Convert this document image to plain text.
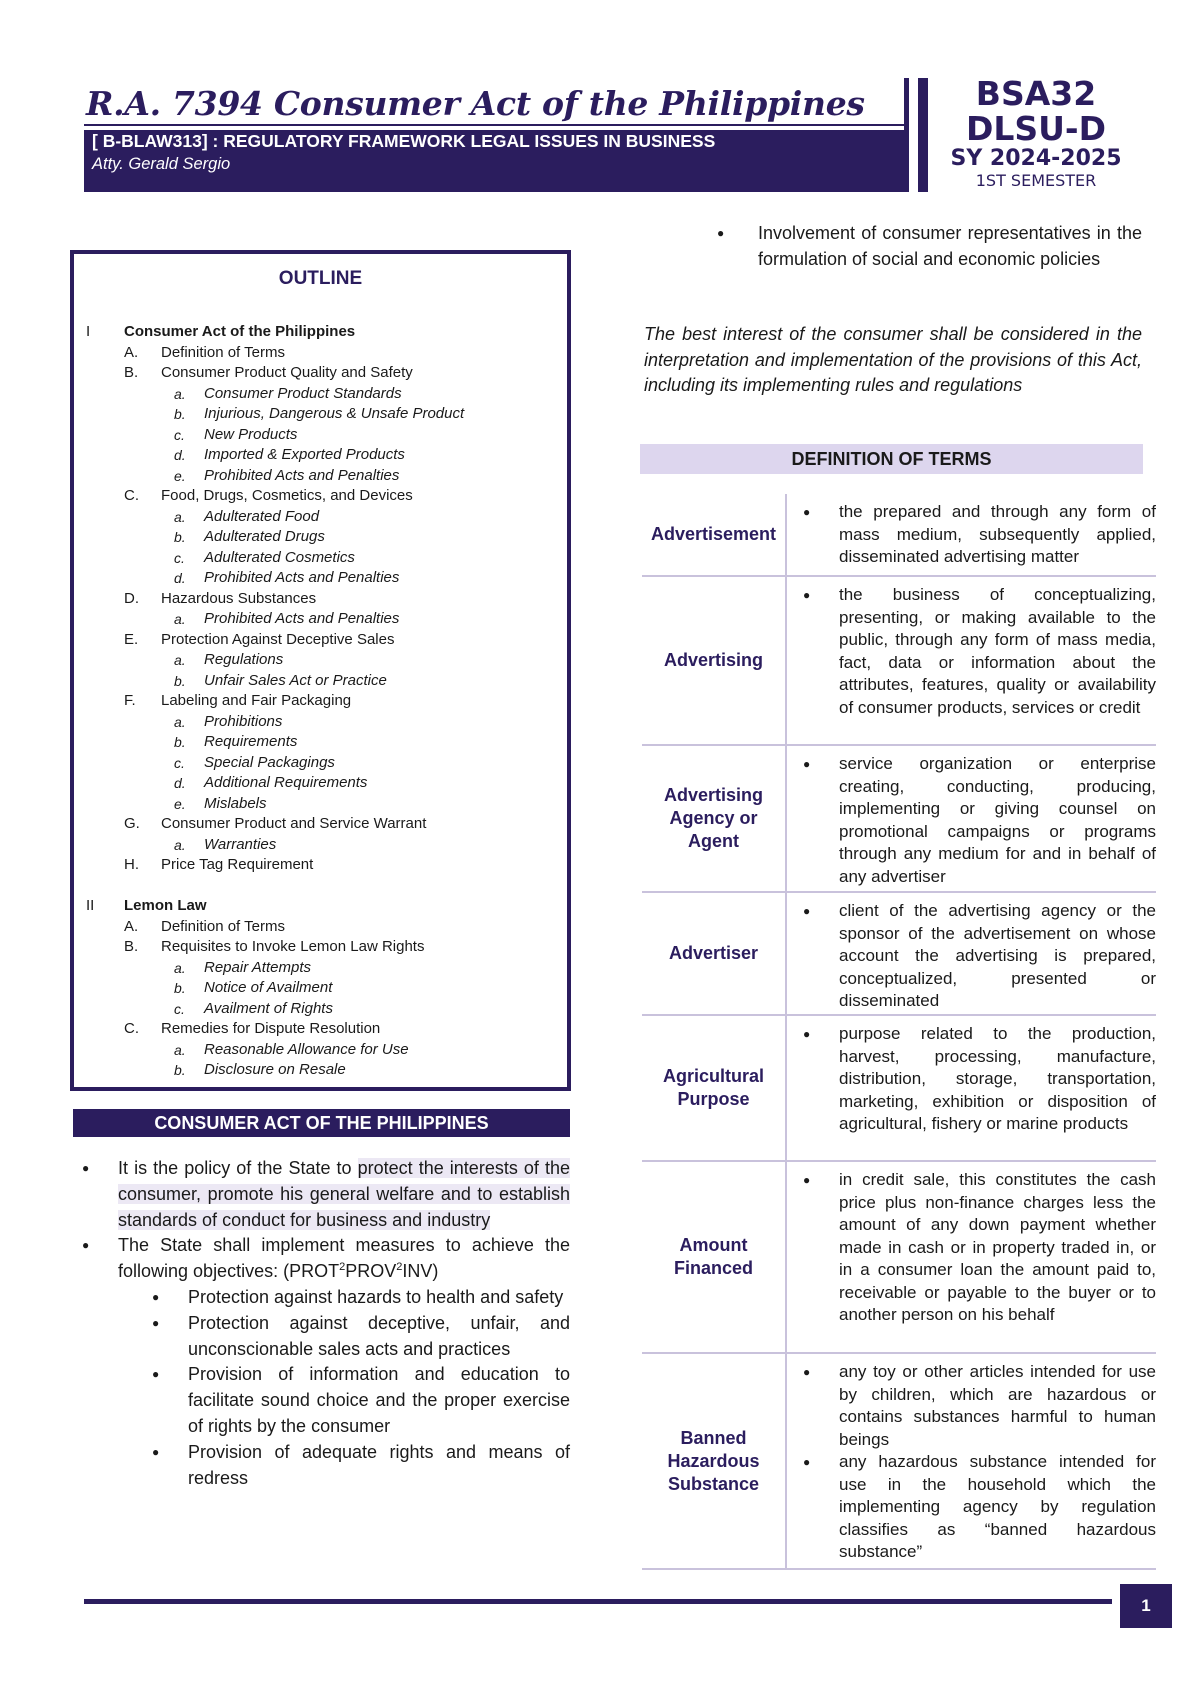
R.A. 7394 Consumer Act of the Philippines
[ B-BLAW313] : REGULATORY FRAMEWORK LEGAL ISSUES IN BUSINESS
Atty. Gerald Sergio
BSA32
DLSU-D
SY 2024-2025
1ST SEMESTER
OUTLINE
I	Consumer Act of the Philippines
A.	Definition of Terms
B.	Consumer Product Quality and Safety
a.	Consumer Product Standards
b.	Injurious, Dangerous & Unsafe Product
c.	New Products
d.	Imported & Exported Products
e.	Prohibited Acts and Penalties
C.	Food, Drugs, Cosmetics, and Devices
a.	Adulterated Food
b.	Adulterated Drugs
c.	Adulterated Cosmetics
d.	Prohibited Acts and Penalties
D.	Hazardous Substances
a.	Prohibited Acts and Penalties
E.	Protection Against Deceptive Sales
a.	Regulations
b.	Unfair Sales Act or Practice
F.	Labeling and Fair Packaging
a.	Prohibitions
b.	Requirements
c.	Special Packagings
d.	Additional Requirements
e.	Mislabels
G.	Consumer Product and Service Warrant
a.	Warranties
H.	Price Tag Requirement
II	Lemon Law
A.	Definition of Terms
B.	Requisites to Invoke Lemon Law Rights
a.	Repair Attempts
b.	Notice of Availment
c.	Availment of Rights
C.	Remedies for Dispute Resolution
a.	Reasonable Allowance for Use
b.	Disclosure on Resale
CONSUMER ACT OF THE PHILIPPINES
● It is the policy of the State to protect the interests of the consumer, promote his general welfare and to establish standards of conduct for business and industry
● The State shall implement measures to achieve the following objectives: (PROT$^2$PROV$^2$INV)
● Protection against hazards to health and safety
● Protection against deceptive, unfair, and unconscionable sales acts and practices
● Provision of information and education to facilitate sound choice and the proper exercise of rights by the consumer
● Provision of adequate rights and means of redress
● Involvement of consumer representatives in the formulation of social and economic policies
The best interest of the consumer shall be considered in the interpretation and implementation of the provisions of this Act, including its implementing rules and regulations
DEFINITION OF TERMS
Advertisement
● the prepared and through any form of mass medium, subsequently applied, disseminated advertising matter
Advertising
● the business of conceptualizing, presenting, or making available to the public, through any form of mass media, fact, data or information about the attributes, features, quality or availability of consumer products, services or credit
Advertising Agency or Agent
● service organization or enterprise creating, conducting, producing, implementing or giving counsel on promotional campaigns or programs through any medium for and in behalf of any advertiser
Advertiser
● client of the advertising agency or the sponsor of the advertisement on whose account the advertising is prepared, conceptualized, presented or disseminated
Agricultural Purpose
● purpose related to the production, harvest, processing, manufacture, distribution, storage, transportation, marketing, exhibition or disposition of agricultural, fishery or marine products
Amount Financed
● in credit sale, this constitutes the cash price plus non-finance charges less the amount of any down payment whether made in cash or in property traded in, or in a consumer loan the amount paid to, receivable or payable to the buyer or to another person on his behalf
Banned Hazardous Substance
● any toy or other articles intended for use by children, which are hazardous or contains substances harmful to human beings
● any hazardous substance intended for use in the household which the implementing agency by regulation classifies as “banned hazardous substance”
1
